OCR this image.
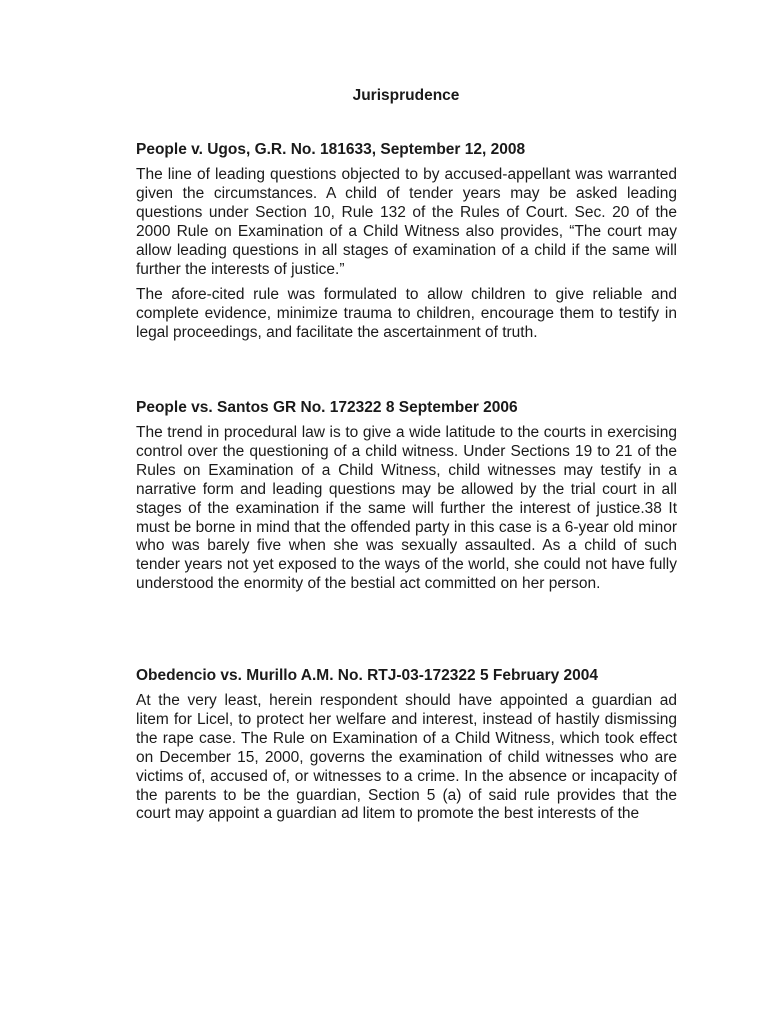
Jurisprudence

People v. Ugos, G.R. No. 181633, September 12, 2008

The line of leading questions objected to by accused-appellant was warranted given the circumstances. A child of tender years may be asked leading questions under Section 10, Rule 132 of the Rules of Court. Sec. 20 of the 2000 Rule on Examination of a Child Witness also provides, “The court may allow leading questions in all stages of examination of a child if the same will further the interests of justice.”

The afore-cited rule was formulated to allow children to give reliable and complete evidence, minimize trauma to children, encourage them to testify in legal proceedings, and facilitate the ascertainment of truth.

People vs. Santos GR No. 172322 8 September 2006

The trend in procedural law is to give a wide latitude to the courts in exercising control over the questioning of a child witness. Under Sections 19 to 21 of the Rules on Examination of a Child Witness, child witnesses may testify in a narrative form and leading questions may be allowed by the trial court in all stages of the examination if the same will further the interest of justice.38 It must be borne in mind that the offended party in this case is a 6-year old minor who was barely five when she was sexually assaulted. As a child of such tender years not yet exposed to the ways of the world, she could not have fully understood the enormity of the bestial act committed on her person.

Obedencio vs. Murillo A.M. No. RTJ-03-172322 5 February 2004

At the very least, herein respondent should have appointed a guardian ad litem for Licel, to protect her welfare and interest, instead of hastily dismissing the rape case. The Rule on Examination of a Child Witness, which took effect on December 15, 2000, governs the examination of child witnesses who are victims of, accused of, or witnesses to a crime. In the absence or incapacity of the parents to be the guardian, Section 5 (a) of said rule provides that the court may appoint a guardian ad litem to promote the best interests of the
